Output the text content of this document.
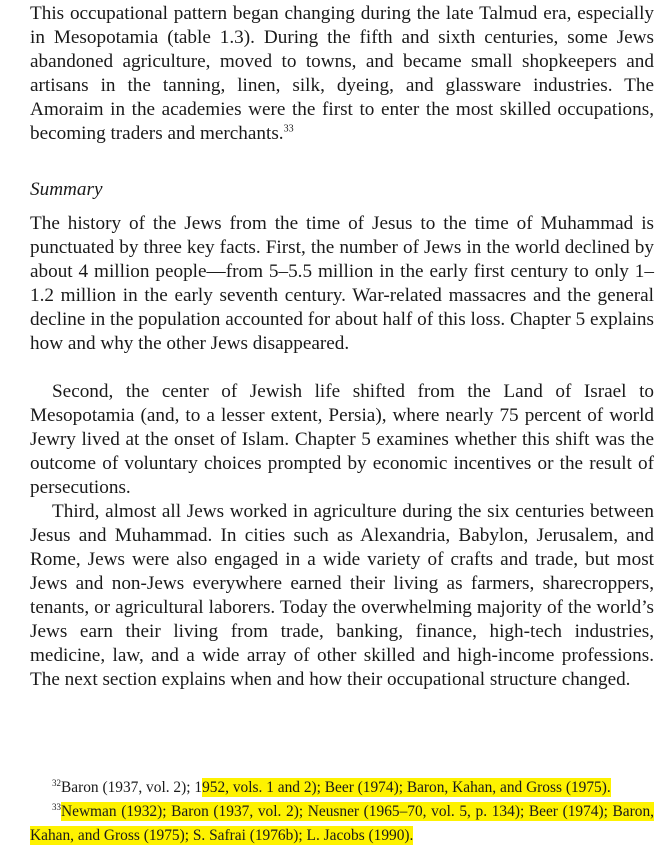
This occupational pattern began changing during the late Talmud era, especially in Mesopotamia (table 1.3). During the fifth and sixth centuries, some Jews abandoned agriculture, moved to towns, and became small shopkeepers and artisans in the tanning, linen, silk, dyeing, and glassware industries. The Amoraim in the academies were the first to enter the most skilled occupations, becoming traders and merchants.$^{33}$

Summary

The history of the Jews from the time of Jesus to the time of Muhammad is punctuated by three key facts. First, the number of Jews in the world declined by about 4 million people—from 5–5.5 million in the early first century to only 1–1.2 million in the early seventh century. War-related massacres and the general decline in the population accounted for about half of this loss. Chapter 5 explains how and why the other Jews disappeared.

Second, the center of Jewish life shifted from the Land of Israel to Mesopotamia (and, to a lesser extent, Persia), where nearly 75 percent of world Jewry lived at the onset of Islam. Chapter 5 examines whether this shift was the outcome of voluntary choices prompted by economic incentives or the result of persecutions.

Third, almost all Jews worked in agriculture during the six centuries between Jesus and Muhammad. In cities such as Alexandria, Babylon, Jerusalem, and Rome, Jews were also engaged in a wide variety of crafts and trade, but most Jews and non-Jews everywhere earned their living as farmers, sharecroppers, tenants, or agricultural laborers. Today the overwhelming majority of the world’s Jews earn their living from trade, banking, finance, high-tech industries, medicine, law, and a wide array of other skilled and high-income professions. The next section explains when and how their occupational structure changed.

$^{32}$Baron (1937, vol. 2); 1952, vols. 1 and 2); Beer (1974); Baron, Kahan, and Gross (1975).

$^{33}$Newman (1932); Baron (1937, vol. 2); Neusner (1965–70, vol. 5, p. 134); Beer (1974); Baron, Kahan, and Gross (1975); S. Safrai (1976b); L. Jacobs (1990).
